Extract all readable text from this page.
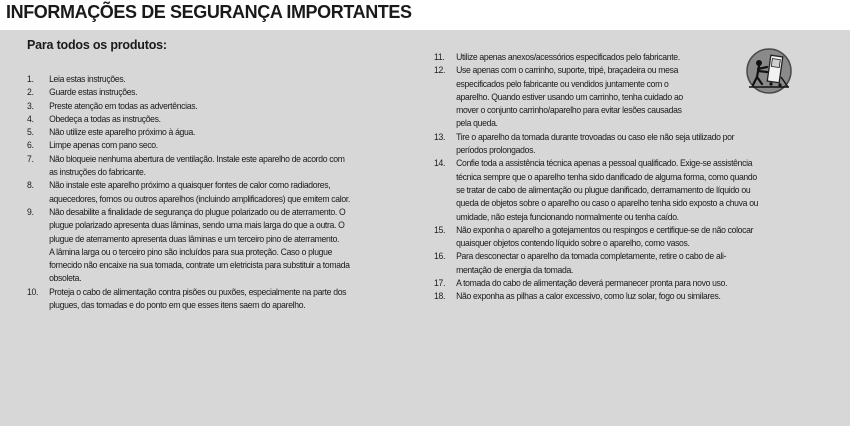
INFORMAÇÕES DE SEGURANÇA IMPORTANTES
Para todos os produtos:
1.	Leia estas instruções.
2.	Guarde estas instruções.
3.	Preste atenção em todas as advertências.
4.	Obedeça a todas as instruções.
5.	Não utilize este aparelho próximo à água.
6.	Limpe apenas com pano seco.
7.	Não bloqueie nenhuma abertura de ventilação. Instale este aparelho de acordo com
as instruções do fabricante.
8.	Não instale este aparelho próximo a quaisquer fontes de calor como radiadores,
aquecedores, fornos ou outros aparelhos (incluindo amplificadores) que emitem calor.
9.	Não desabilite a finalidade de segurança do plugue polarizado ou de aterramento. O
plugue polarizado apresenta duas lâminas, sendo uma mais larga do que a outra. O
plugue de aterramento apresenta duas lâminas e um terceiro pino de aterramento.
A lâmina larga ou o terceiro pino são incluídos para sua proteção. Caso o plugue
fornecido não encaixe na sua tomada, contrate um eletricista para substituir a tomada
obsoleta.
10.	Proteja o cabo de alimentação contra pisões ou puxões, especialmente na parte dos
plugues, das tomadas e do ponto em que esses itens saem do aparelho.
11.	Utilize apenas anexos/acessórios especificados pelo fabricante.
12.	Use apenas com o carrinho, suporte, tripé, braçadeira ou mesa
especificados pelo fabricante ou vendidos juntamente com o
aparelho. Quando estiver usando um carrinho, tenha cuidado ao
mover o conjunto carrinho/aparelho para evitar lesões causadas
pela queda.
13.	Tire o aparelho da tomada durante trovoadas ou caso ele não seja utilizado por
períodos prolongados.
14.	Confie toda a assistência técnica apenas a pessoal qualificado. Exige-se assistência
técnica sempre que o aparelho tenha sido danificado de alguma forma, como quando
se tratar de cabo de alimentação ou plugue danificado, derramamento de líquido ou
queda de objetos sobre o aparelho ou caso o aparelho tenha sido exposto a chuva ou
umidade, não esteja funcionando normalmente ou tenha caído.
15.	Não exponha o aparelho a gotejamentos ou respingos e certifique-se de não colocar
quaisquer objetos contendo líquido sobre o aparelho, como vasos.
16.	Para desconectar o aparelho da tomada completamente, retire o cabo de ali-
mentação de energia da tomada.
17.	A tomada do cabo de alimentação deverá permanecer pronta para novo uso.
18.	Não exponha as pilhas a calor excessivo, como luz solar, fogo ou similares.
